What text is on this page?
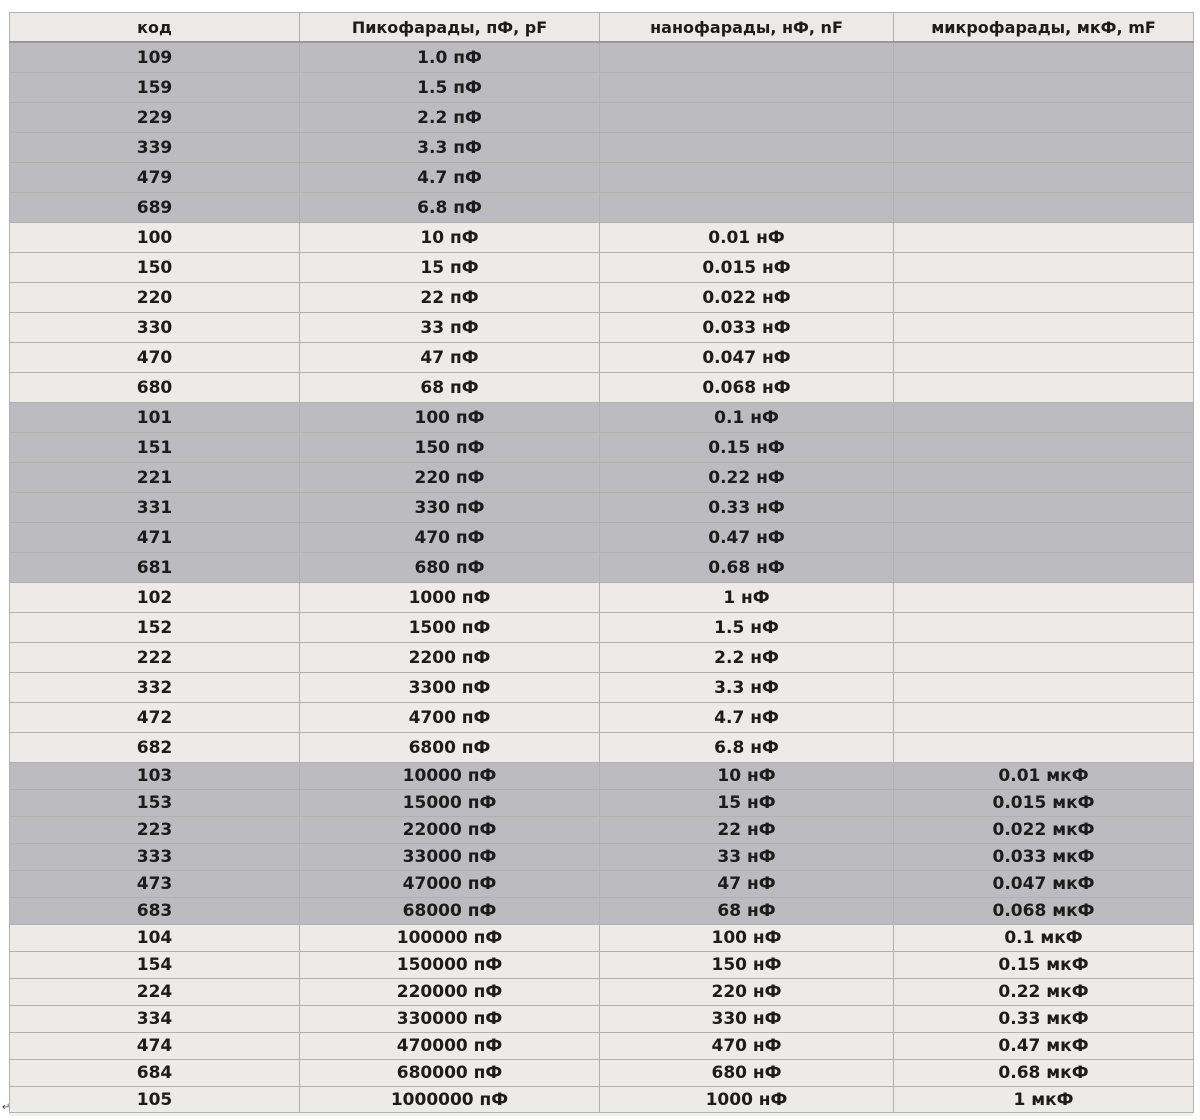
код	Пикофарады, пФ, pF	нанофарады, нФ, nF	микрофарады, мкФ, mF
109	1.0 пФ		
159	1.5 пФ		
229	2.2 пФ		
339	3.3 пФ		
479	4.7 пФ		
689	6.8 пФ		
100	10 пФ	0.01 нФ	
150	15 пФ	0.015 нФ	
220	22 пФ	0.022 нФ	
330	33 пФ	0.033 нФ	
470	47 пФ	0.047 нФ	
680	68 пФ	0.068 нФ	
101	100 пФ	0.1 нФ	
151	150 пФ	0.15 нФ	
221	220 пФ	0.22 нФ	
331	330 пФ	0.33 нФ	
471	470 пФ	0.47 нФ	
681	680 пФ	0.68 нФ	
102	1000 пФ	1 нФ	
152	1500 пФ	1.5 нФ	
222	2200 пФ	2.2 нФ	
332	3300 пФ	3.3 нФ	
472	4700 пФ	4.7 нФ	
682	6800 пФ	6.8 нФ	
103	10000 пФ	10 нФ	0.01 мкФ
153	15000 пФ	15 нФ	0.015 мкФ
223	22000 пФ	22 нФ	0.022 мкФ
333	33000 пФ	33 нФ	0.033 мкФ
473	47000 пФ	47 нФ	0.047 мкФ
683	68000 пФ	68 нФ	0.068 мкФ
104	100000 пФ	100 нФ	0.1 мкФ
154	150000 пФ	150 нФ	0.15 мкФ
224	220000 пФ	220 нФ	0.22 мкФ
334	330000 пФ	330 нФ	0.33 мкФ
474	470000 пФ	470 нФ	0.47 мкФ
684	680000 пФ	680 нФ	0.68 мкФ
105	1000000 пФ	1000 нФ	1 мкФ
↵
